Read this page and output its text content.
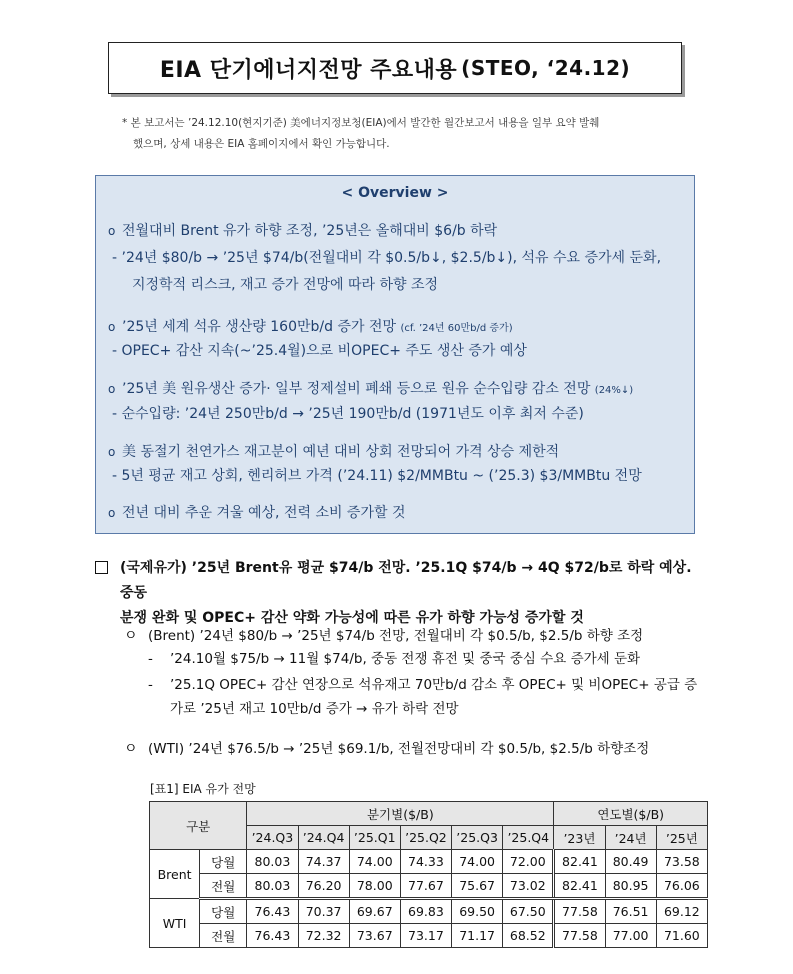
EIA 단기에너지전망 주요내용 (STEO, ‘24.12)
* 본 보고서는 ’24.12.10(현지기준) 美에너지정보청(EIA)에서 발간한 월간보고서 내용을 일부 요약 발췌
했으며, 상세 내용은 EIA 홈페이지에서 확인 가능합니다.
< Overview >
o 전월대비 Brent 유가 하향 조정, ’25년은 올해대비 $6/b 하락
- ’24년 $80/b → ’25년 $74/b(전월대비 각 $0.5/b↓, $2.5/b↓), 석유 수요 증가세 둔화,
지정학적 리스크, 재고 증가 전망에 따라 하향 조정
o ’25년 세계 석유 생산량 160만b/d 증가 전망 (cf. ’24년 60만b/d 증가)
- OPEC+ 감산 지속(~’25.4월)으로 비OPEC+ 주도 생산 증가 예상
o ’25년 美 원유생산 증가· 일부 정제설비 폐쇄 등으로 원유 순수입량 감소 전망 (24%↓)
- 순수입량: ’24년 250만b/d → ’25년 190만b/d (1971년도 이후 최저 수준)
o 美 동절기 천연가스 재고분이 예년 대비 상회 전망되어 가격 상승 제한적
- 5년 평균 재고 상회, 헨리허브 가격 (’24.11) $2/MMBtu ~ (’25.3) $3/MMBtu 전망
o 전년 대비 추운 겨울 예상, 전력 소비 증가할 것
(국제유가) ’25년 Brent유 평균 $74/b 전망. ’25.1Q $74/b → 4Q $72/b로 하락 예상. 중동
분쟁 완화 및 OPEC+ 감산 약화 가능성에 따른 유가 하향 가능성 증가할 것
ㅇ (Brent) ’24년 $80/b → ’25년 $74/b 전망, 전월대비 각 $0.5/b, $2.5/b 하향 조정
- ’24.10월 $75/b → 11월 $74/b, 중동 전쟁 휴전 및 중국 중심 수요 증가세 둔화
- ’25.1Q OPEC+ 감산 연장으로 석유재고 70만b/d 감소 후 OPEC+ 및 비OPEC+ 공급 증
가로 ’25년 재고 10만b/d 증가 → 유가 하락 전망
ㅇ (WTI) ’24년 $76.5/b → ’25년 $69.1/b, 전월전망대비 각 $0.5/b, $2.5/b 하향조정
[표1] EIA 유가 전망
구분		분기별($/B)						연도별($/B)		
		’24.Q3	’24.Q4	’25.Q1	’25.Q2	’25.Q3	’25.Q4	’23년	’24년	’25년
Brent	당월	80.03	74.37	74.00	74.33	74.00	72.00	82.41	80.49	73.58
	전월	80.03	76.20	78.00	77.67	75.67	73.02	82.41	80.95	76.06
WTI	당월	76.43	70.37	69.67	69.83	69.50	67.50	77.58	76.51	69.12
	전월	76.43	72.32	73.67	73.17	71.17	68.52	77.58	77.00	71.60
